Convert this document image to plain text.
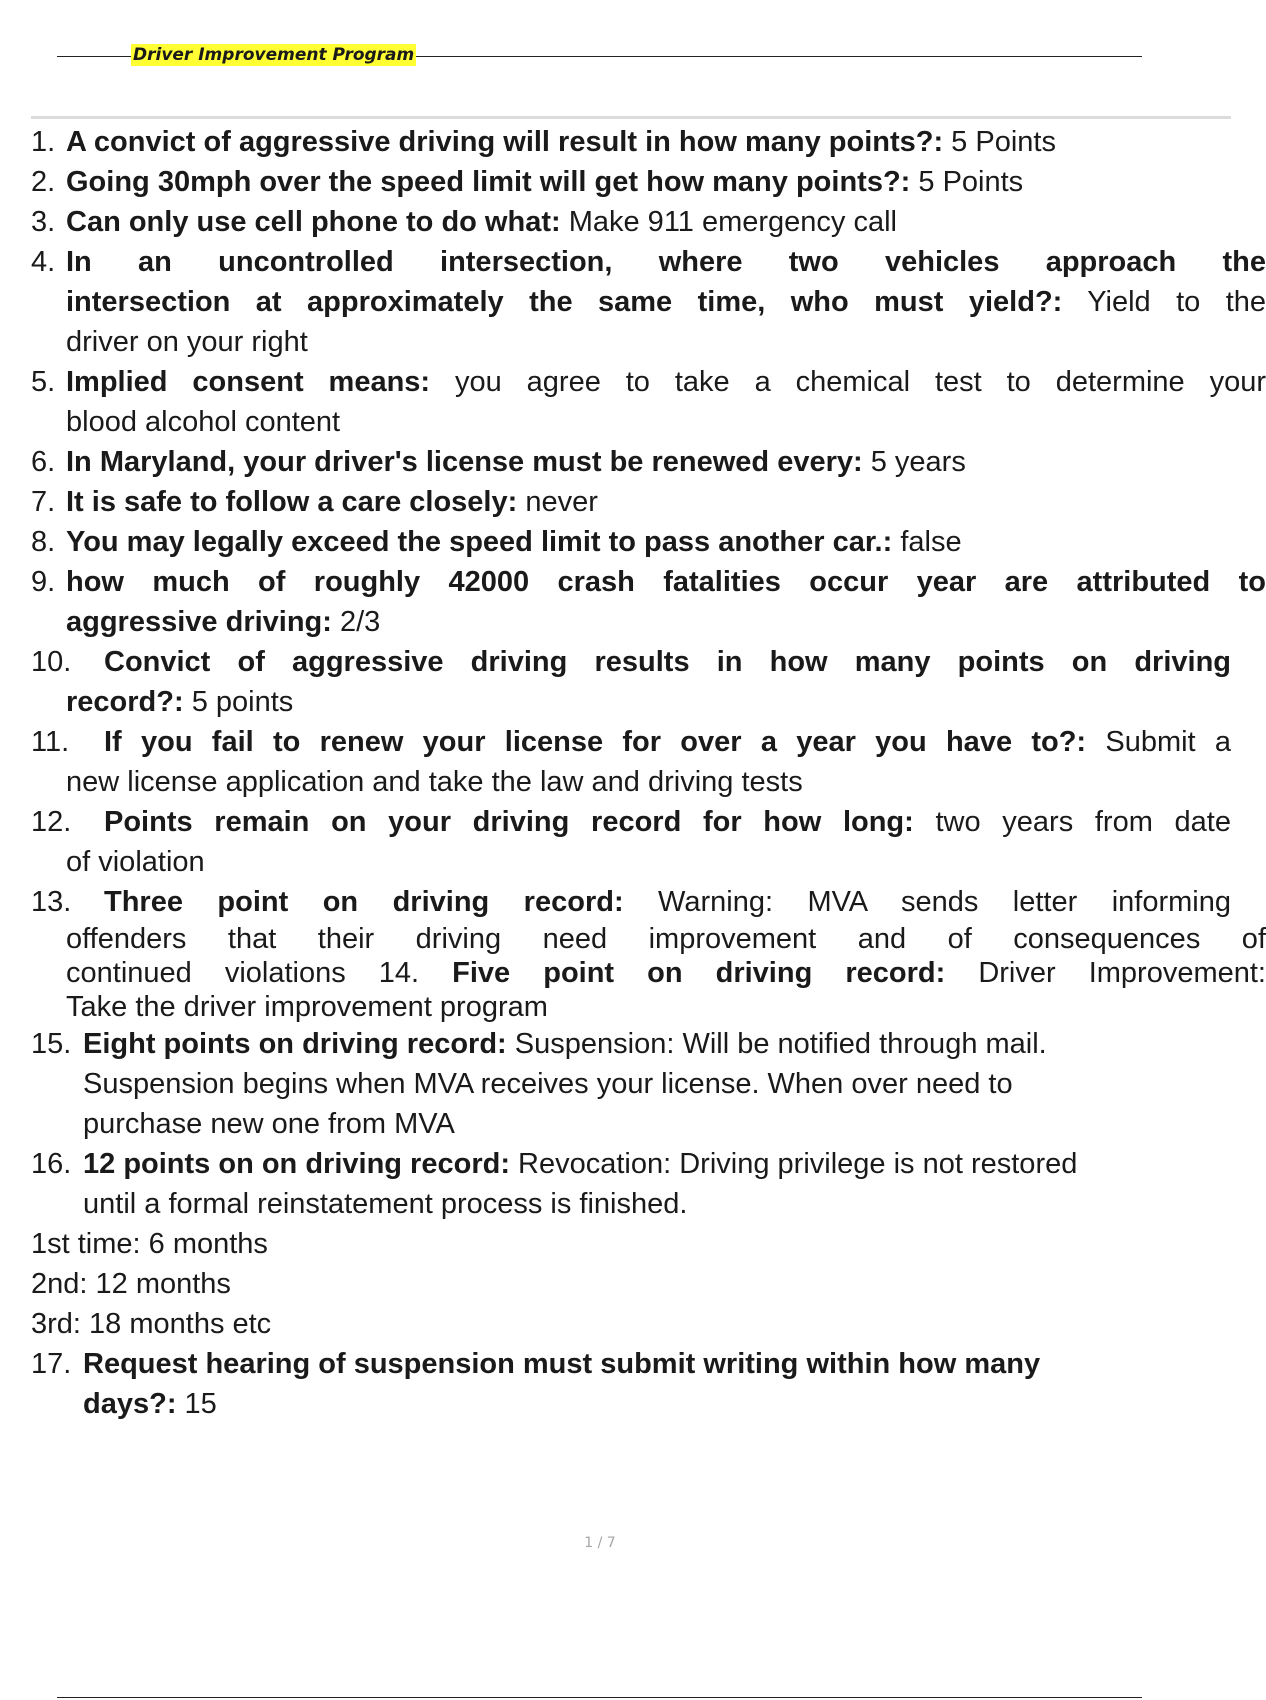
Driver Improvement Program
1. A convict of aggressive driving will result in how many points?: 5 Points
2. Going 30mph over the speed limit will get how many points?: 5 Points
3. Can only use cell phone to do what: Make 911 emergency call
4. In an uncontrolled intersection, where two vehicles approach the
intersection at approximately the same time, who must yield?: Yield to the
driver on your right
5. Implied consent means: you agree to take a chemical test to determine your
blood alcohol content
6. In Maryland, your driver's license must be renewed every: 5 years
7. It is safe to follow a care closely: never
8. You may legally exceed the speed limit to pass another car.: false
9. how much of roughly 42000 crash fatalities occur year are attributed to
aggressive driving: 2/3
10.	Convict of aggressive driving results in how many points on driving
record?: 5 points
11.	If you fail to renew your license for over a year you have to?: Submit a
new license application and take the law and driving tests
12.	Points remain on your driving record for how long: two years from date
of violation
13.	Three point on driving record: Warning: MVA sends letter informing
offenders that their driving need improvement and of consequences of
continued violations 14. Five point on driving record: Driver Improvement:
Take the driver improvement program
15. Eight points on driving record: Suspension: Will be notified through mail.
Suspension begins when MVA receives your license. When over need to
purchase new one from MVA
16. 12 points on on driving record: Revocation: Driving privilege is not restored
until a formal reinstatement process is finished.
1st time: 6 months
2nd: 12 months
3rd: 18 months etc
17. Request hearing of suspension must submit writing within how many
days?: 15
1 / 7
